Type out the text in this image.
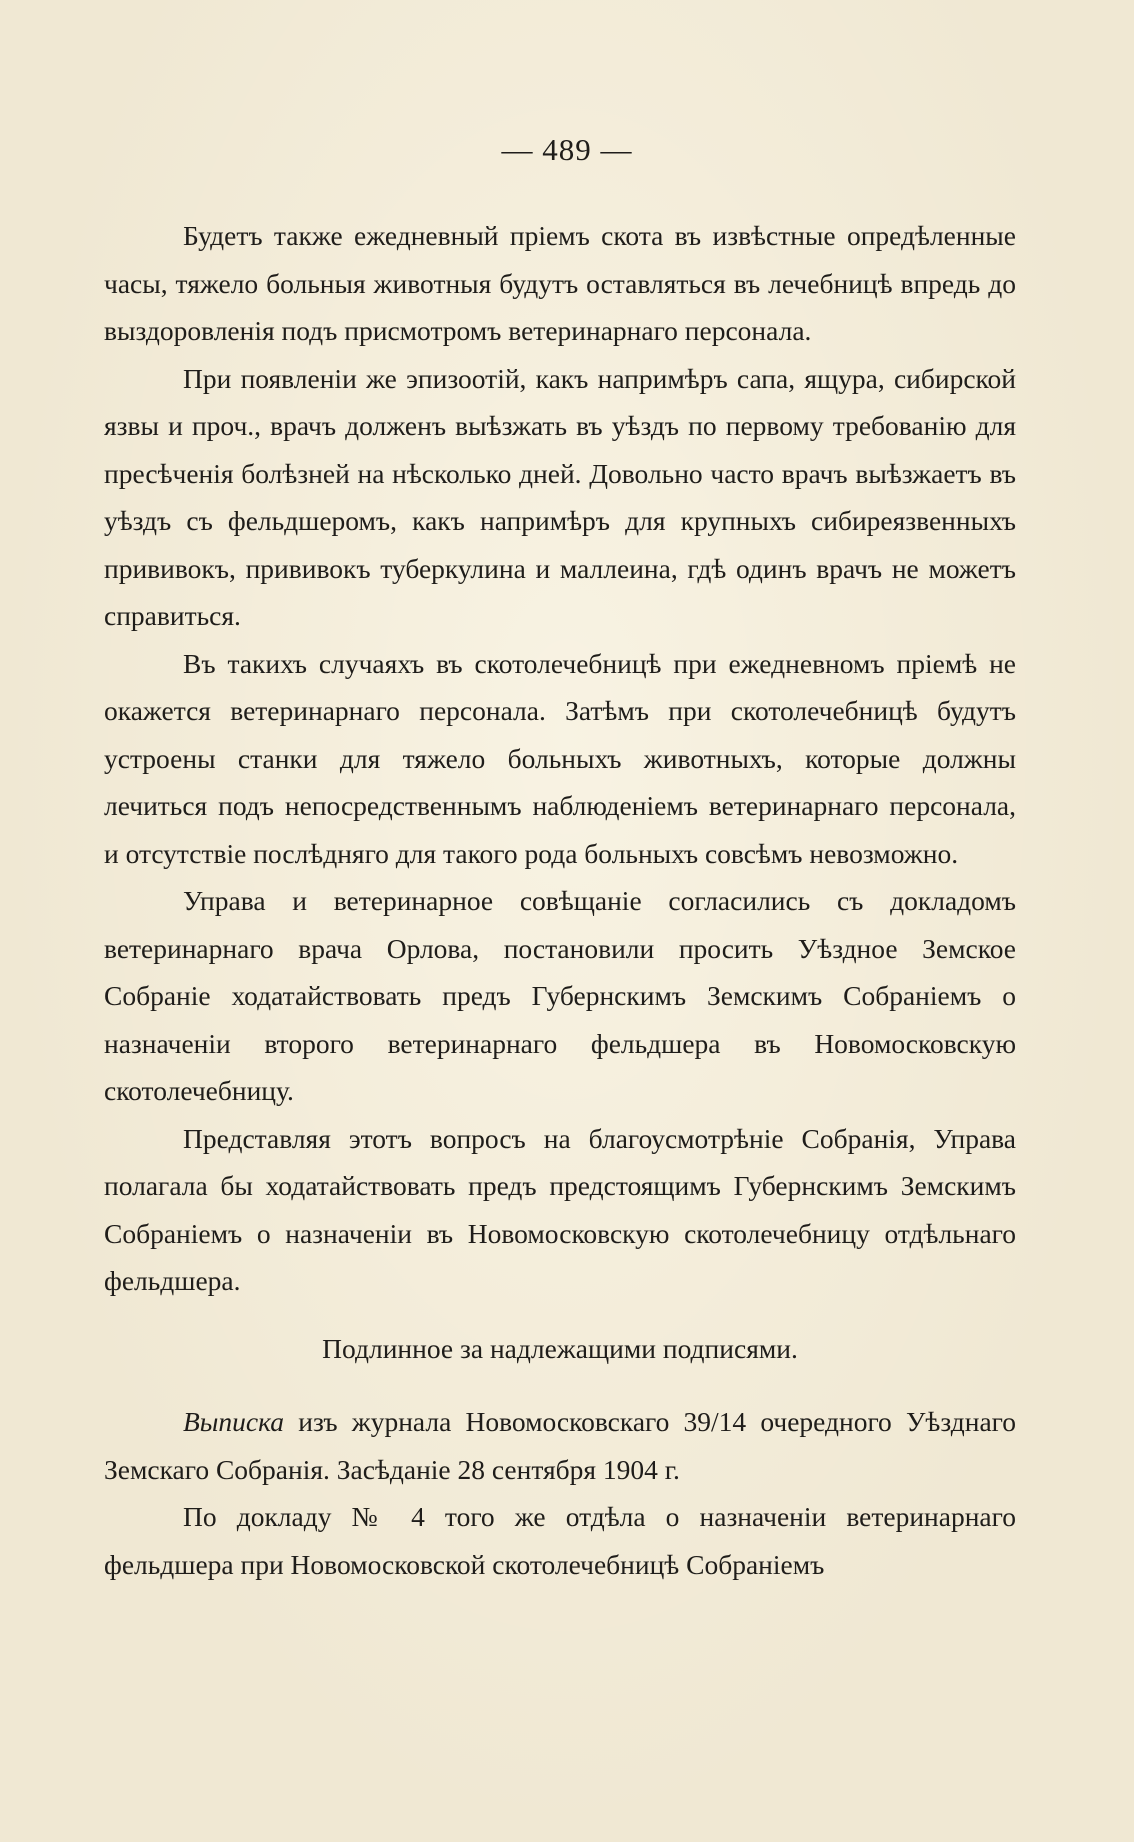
— 489 —

Будетъ также ежедневный пріемъ скота въ извѣстные опредѣленные часы, тяжело больныя животныя будутъ оставляться въ лечебницѣ впредь до выздоровленія подъ присмотромъ ветеринарнаго персонала.

При появленіи же эпизоотій, какъ напримѣръ сапа, ящура, сибирской язвы и проч., врачъ долженъ выѣзжать въ уѣздъ по первому требованію для пресѣченія болѣзней на нѣсколько дней. Довольно часто врачъ выѣзжаетъ въ уѣздъ съ фельдшеромъ, какъ напримѣръ для крупныхъ сибиреязвенныхъ прививокъ, прививокъ туберкулина и маллеина, гдѣ одинъ врачъ не можетъ справиться.

Въ такихъ случаяхъ въ скотолечебницѣ при ежедневномъ пріемѣ не окажется ветеринарнаго персонала. Затѣмъ при скотолечебницѣ будутъ устроены станки для тяжело больныхъ животныхъ, которые должны лечиться подъ непосредственнымъ наблюденіемъ ветеринарнаго персонала, и отсутствіе послѣдняго для такого рода больныхъ совсѣмъ невозможно.

Управа и ветеринарное совѣщаніе согласились съ докладомъ ветеринарнаго врача Орлова, постановили просить Уѣздное Земское Собраніе ходатайствовать предъ Губернскимъ Земскимъ Собраніемъ о назначеніи второго ветеринарнаго фельдшера въ Новомосковскую скотолечебницу.

Представляя этотъ вопросъ на благоусмотрѣніе Собранія, Управа полагала бы ходатайствовать предъ предстоящимъ Губернскимъ Земскимъ Собраніемъ о назначеніи въ Новомосковскую скотолечебницу отдѣльнаго фельдшера.

Подлинное за надлежащими подписями.

Выписка изъ журнала Новомосковскаго 39/14 очередного Уѣзднаго Земскаго Собранія. Засѣданіе 28 сентября 1904 г.

По докладу № 4 того же отдѣла о назначеніи ветеринарнаго фельдшера при Новомосковской скотолечебницѣ Собраніемъ
